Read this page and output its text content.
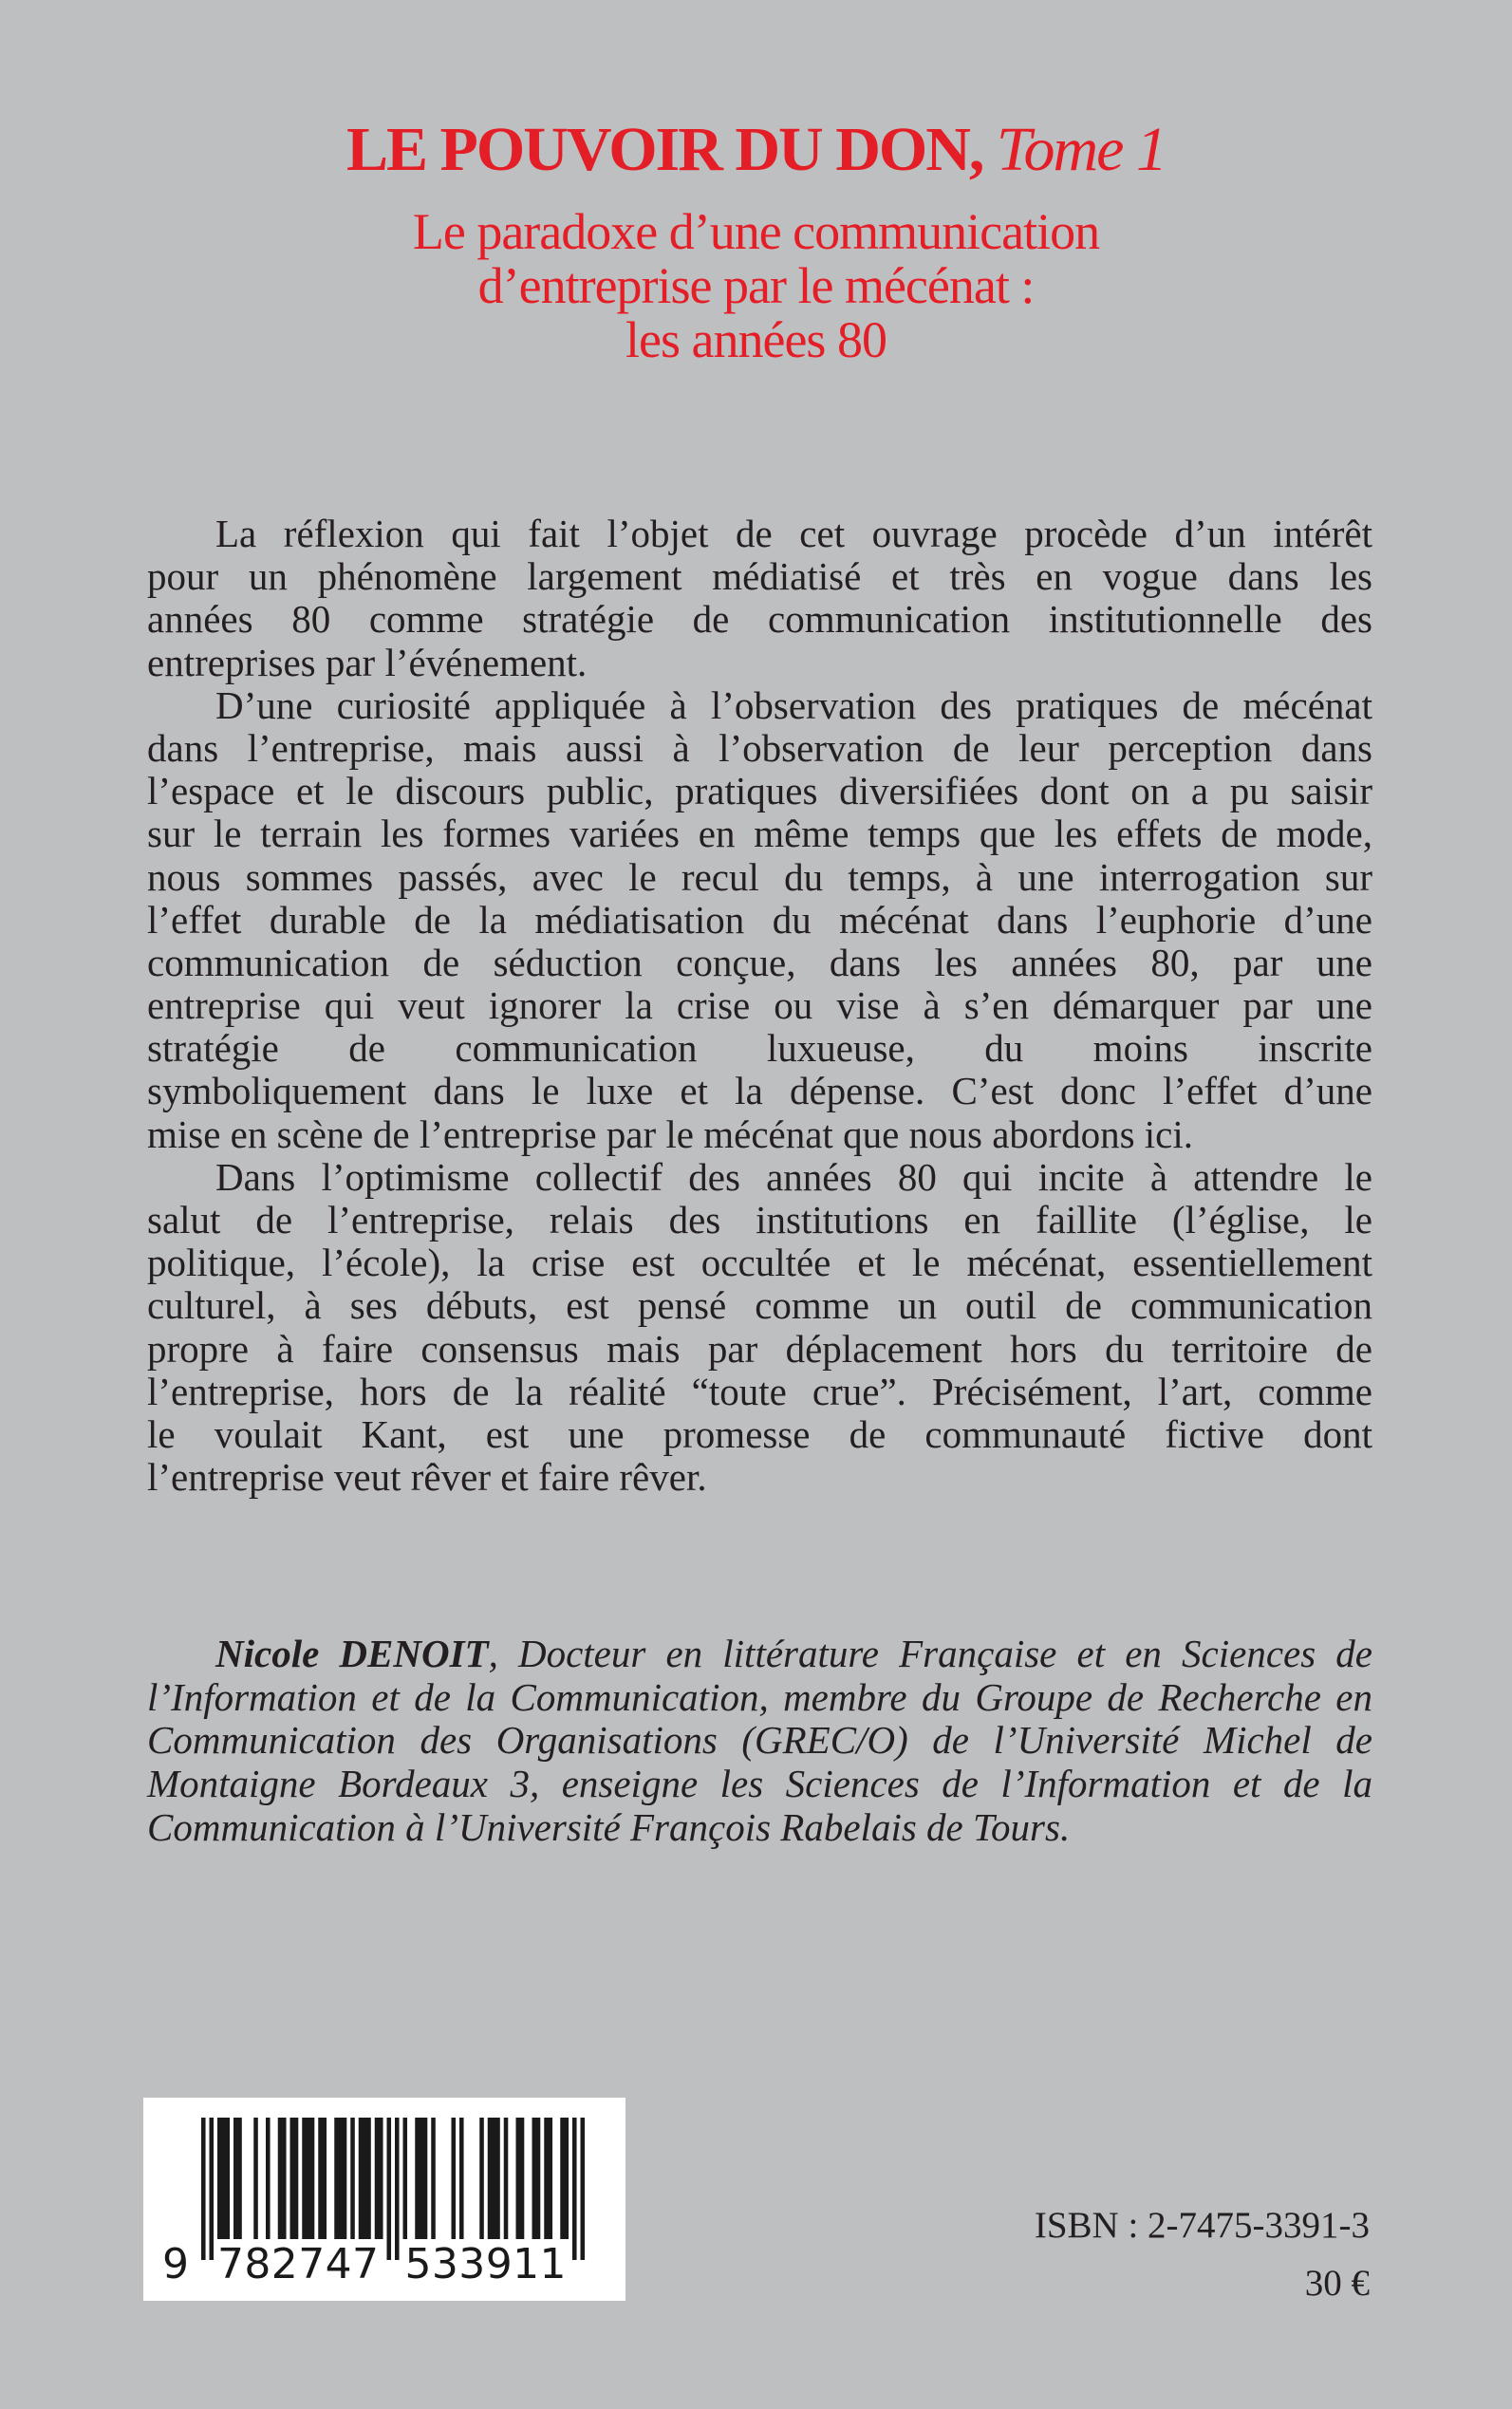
LE POUVOIR DU DON, Tome 1
Le paradoxe d’une communication
d’entreprise par le mécénat :
les années 80
La réflexion qui fait l’objet de cet ouvrage procède d’un intérêt
pour un phénomène largement médiatisé et très en vogue dans les
années 80 comme stratégie de communication institutionnelle des
entreprises par l’événement.
D’une curiosité appliquée à l’observation des pratiques de mécénat
dans l’entreprise, mais aussi à l’observation de leur perception dans
l’espace et le discours public, pratiques diversifiées dont on a pu saisir
sur le terrain les formes variées en même temps que les effets de mode,
nous sommes passés, avec le recul du temps, à une interrogation sur
l’effet durable de la médiatisation du mécénat dans l’euphorie d’une
communication de séduction conçue, dans les années 80, par une
entreprise qui veut ignorer la crise ou vise à s’en démarquer par une
stratégie de communication luxueuse, du moins inscrite
symboliquement dans le luxe et la dépense. C’est donc l’effet d’une
mise en scène de l’entreprise par le mécénat que nous abordons ici.
Dans l’optimisme collectif des années 80 qui incite à attendre le
salut de l’entreprise, relais des institutions en faillite (l’église, le
politique, l’école), la crise est occultée et le mécénat, essentiellement
culturel, à ses débuts, est pensé comme un outil de communication
propre à faire consensus mais par déplacement hors du territoire de
l’entreprise, hors de la réalité “toute crue”. Précisément, l’art, comme
le voulait Kant, est une promesse de communauté fictive dont
l’entreprise veut rêver et faire rêver.
Nicole DENOIT, Docteur en littérature Française et en Sciences de
l’Information et de la Communication, membre du Groupe de Recherche en
Communication des Organisations (GREC/O) de l’Université Michel de
Montaigne Bordeaux 3, enseigne les Sciences de l’Information et de la
Communication à l’Université François Rabelais de Tours.
9 782747 533911
ISBN : 2-7475-3391-3
30 €
